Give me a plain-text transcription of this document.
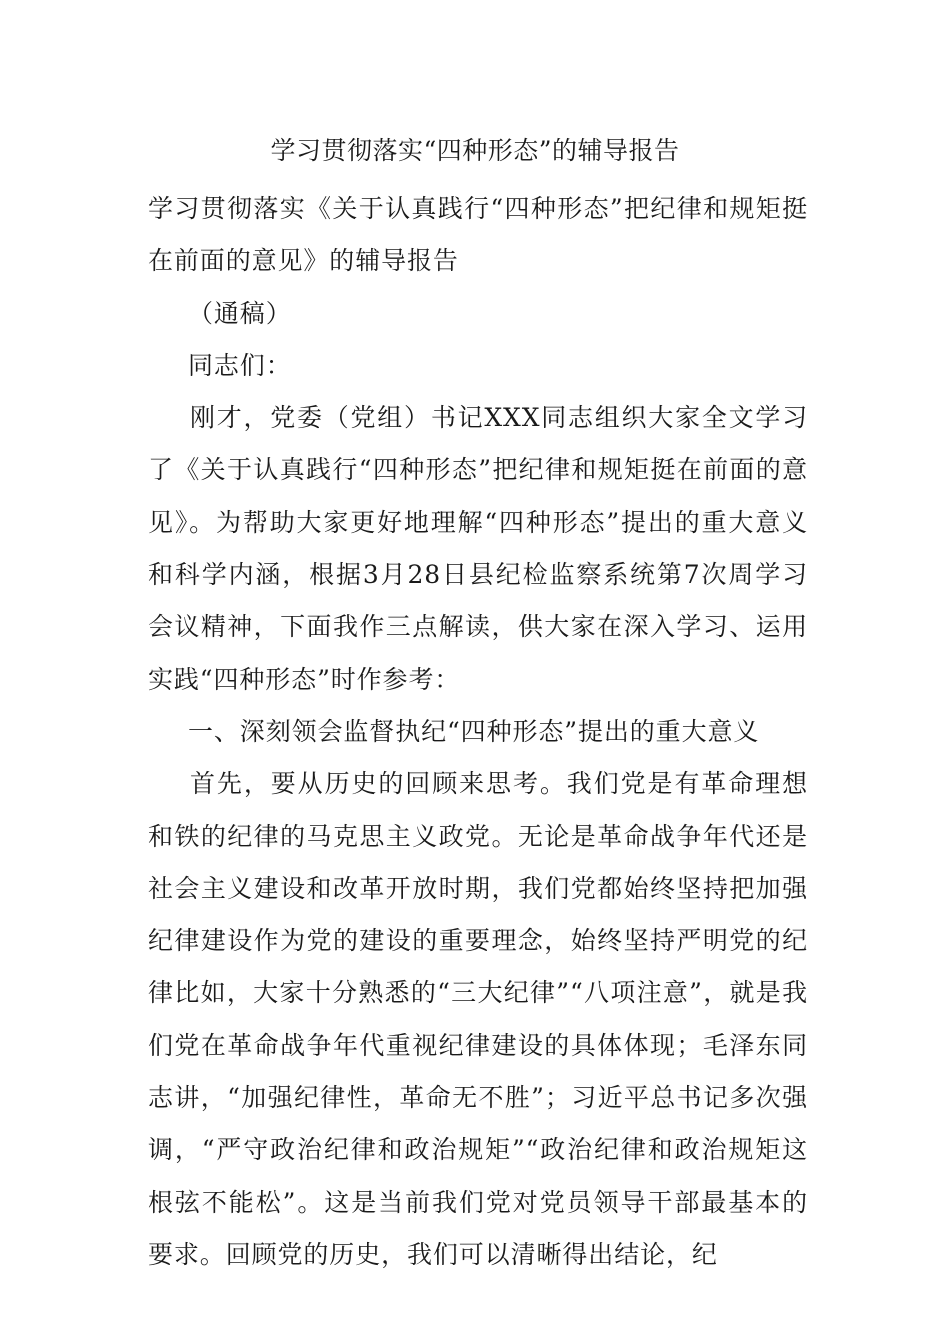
学习贯彻落实“四种形态”的辅导报告

学习贯彻落实《关于认真践行“四种形态”把纪律和规矩挺在前面的意见》的辅导报告

（通稿）

同志们：

刚才，党委（党组）书记XXX同志组织大家全文学习了《关于认真践行“四种形态”把纪律和规矩挺在前面的意见》。为帮助大家更好地理解“四种形态”提出的重大意义和科学内涵，根据3月28日县纪检监察系统第7次周学习会议精神，下面我作三点解读，供大家在深入学习、运用实践“四种形态”时作参考：

一、深刻领会监督执纪“四种形态”提出的重大意义

首先，要从历史的回顾来思考。我们党是有革命理想和铁的纪律的马克思主义政党。无论是革命战争年代还是社会主义建设和改革开放时期，我们党都始终坚持把加强纪律建设作为党的建设的重要理念，始终坚持严明党的纪律比如，大家十分熟悉的“三大纪律”“八项注意”，就是我们党在革命战争年代重视纪律建设的具体体现；毛泽东同志讲，“加强纪律性，革命无不胜”；习近平总书记多次强调，“严守政治纪律和政治规矩”“政治纪律和政治规矩这根弦不能松”。这是当前我们党对党员领导干部最基本的要求。回顾党的历史，我们可以清晰得出结论，纪
